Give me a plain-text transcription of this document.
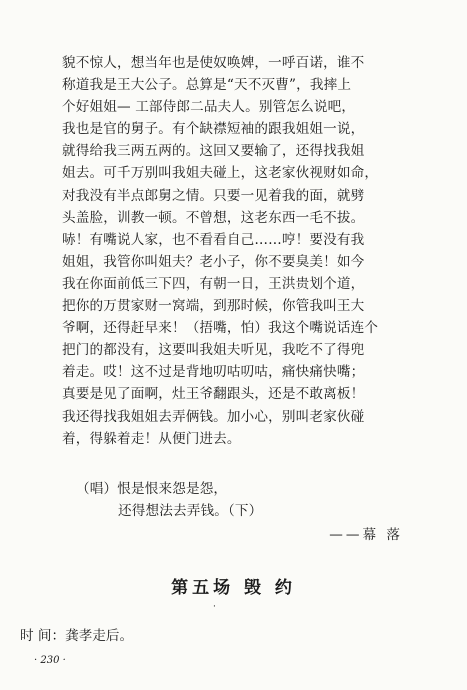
貌不惊人，想当年也是使奴唤婢，一呼百诺，谁不
称道我是王大公子。总算是“天不灭曹”，我摔上
个好姐姐— 工部侍郎二品夫人。别管怎么说吧，
我也是官的舅子。有个缺襟短袖的跟我姐姐一说，
就得给我三两五两的。这回又要输了，还得找我姐
姐去。可千万别叫我姐夫碰上，这老家伙视财如命，
对我没有半点郎舅之情。只要一见着我的面，就劈
头盖脸，训教一顿。不曾想，这老东西一毛不拔。
哧！有嘴说人家，也不看看自己……哼！要没有我
姐姐，我管你叫姐夫？老小子，你不要臭美！如今
我在你面前低三下四，有朝一日，王洪贵划个道，
把你的万贯家财一窝端，到那时候，你管我叫王大
爷啊，还得赶早来！（捂嘴，怕）我这个嘴说话连个
把门的都没有，这要叫我姐夫听见，我吃不了得兜
着走。哎！这不过是背地叨咕叨咕，痛快痛快嘴；
真要是见了面啊，灶王爷翻跟头，还是不敢离板！
我还得找我姐姐去弄俩钱。加小心，别叫老家伙碰
着，得躲着走！从便门进去。
（唱）恨是恨来怨是怨，
还得想法去弄钱。（下）
——幕 落
第五场 毁 约
·
时 间：龚孝走后。
· 230 ·
